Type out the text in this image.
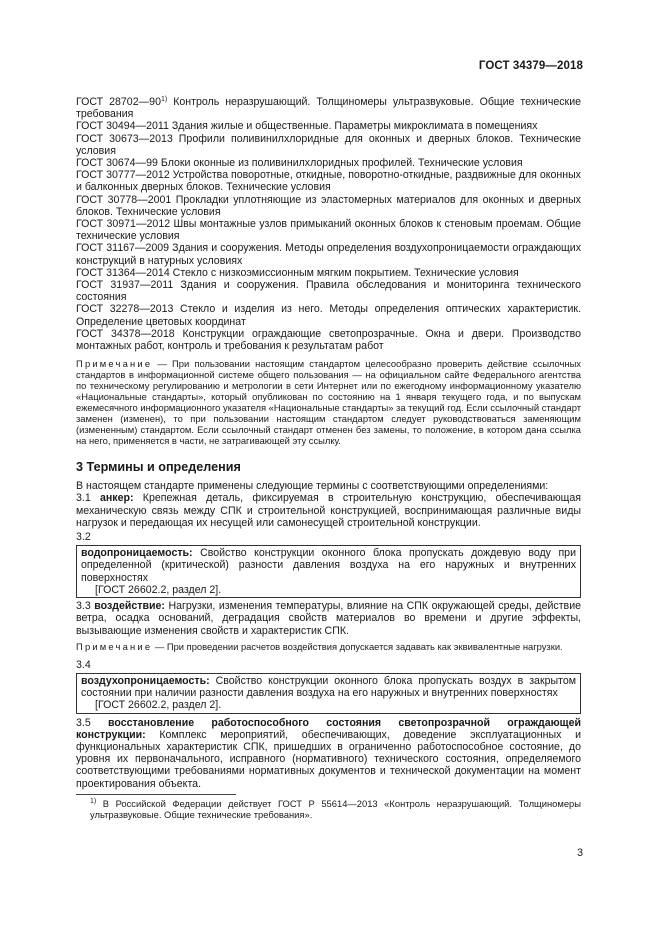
ГОСТ 34379—2018

ГОСТ 28702—90$^{1)}$ Контроль неразрушающий. Толщиномеры ультразвуковые. Общие технические требования

ГОСТ 30494—2011 Здания жилые и общественные. Параметры микроклимата в помещениях

ГОСТ 30673—2013 Профили поливинилхлоридные для оконных и дверных блоков. Технические условия

ГОСТ 30674—99 Блоки оконные из поливинилхлоридных профилей. Технические условия

ГОСТ 30777—2012 Устройства поворотные, откидные, поворотно-откидные, раздвижные для оконных и балконных дверных блоков. Технические условия

ГОСТ 30778—2001 Прокладки уплотняющие из эластомерных материалов для оконных и дверных блоков. Технические условия

ГОСТ 30971—2012 Швы монтажные узлов примыканий оконных блоков к стеновым проемам. Общие технические условия

ГОСТ 31167—2009 Здания и сооружения. Методы определения воздухопроницаемости ограждающих конструкций в натурных условиях

ГОСТ 31364—2014 Стекло с низкоэмиссионным мягким покрытием. Технические условия

ГОСТ 31937—2011 Здания и сооружения. Правила обследования и мониторинга технического состояния

ГОСТ 32278—2013 Стекло и изделия из него. Методы определения оптических характеристик. Определение цветовых координат

ГОСТ 34378—2018 Конструкции ограждающие светопрозрачные. Окна и двери. Производство монтажных работ, контроль и требования к результатам работ

Примечание — При пользовании настоящим стандартом целесообразно проверить действие ссылочных стандартов в информационной системе общего пользования — на официальном сайте Федерального агентства по техническому регулированию и метрологии в сети Интернет или по ежегодному информационному указателю «Национальные стандарты», который опубликован по состоянию на 1 января текущего года, и по выпускам ежемесячного информационного указателя «Национальные стандарты» за текущий год. Если ссылочный стандарт заменен (изменен), то при пользовании настоящим стандартом следует руководствоваться заменяющим (измененным) стандартом. Если ссылочный стандарт отменен без замены, то положение, в котором дана ссылка на него, применяется в части, не затрагивающей эту ссылку.

3 Термины и определения

В настоящем стандарте применены следующие термины с соответствующими определениями:

3.1 анкер: Крепежная деталь, фиксируемая в строительную конструкцию, обеспечивающая механическую связь между СПК и строительной конструкцией, воспринимающая различные виды нагрузок и передающая их несущей или самонесущей строительной конструкции.

3.2

водопроницаемость: Свойство конструкции оконного блока пропускать дождевую воду при определенной (критической) разности давления воздуха на его наружных и внутренних поверхностях

[ГОСТ 26602.2, раздел 2].

3.3 воздействие: Нагрузки, изменения температуры, влияние на СПК окружающей среды, действие ветра, осадка оснований, деградация свойств материалов во времени и другие эффекты, вызывающие изменения свойств и характеристик СПК.

Примечание — При проведении расчетов воздействия допускается задавать как эквивалентные нагрузки.

3.4

воздухопроницаемость: Свойство конструкции оконного блока пропускать воздух в закрытом состоянии при наличии разности давления воздуха на его наружных и внутренних поверхностях

[ГОСТ 26602.2, раздел 2].

3.5 восстановление работоспособного состояния светопрозрачной ограждающей конструкции: Комплекс мероприятий, обеспечивающих, доведение эксплуатационных и функциональных характеристик СПК, пришедших в ограниченно работоспособное состояние, до уровня их первоначального, исправного (нормативного) технического состояния, определяемого соответствующими требованиями нормативных документов и технической документации на момент проектирования объекта.

$^{1)}$ В Российской Федерации действует ГОСТ Р 55614—2013 «Контроль неразрушающий. Толщиномеры ультразвуковые. Общие технические требования».

3
